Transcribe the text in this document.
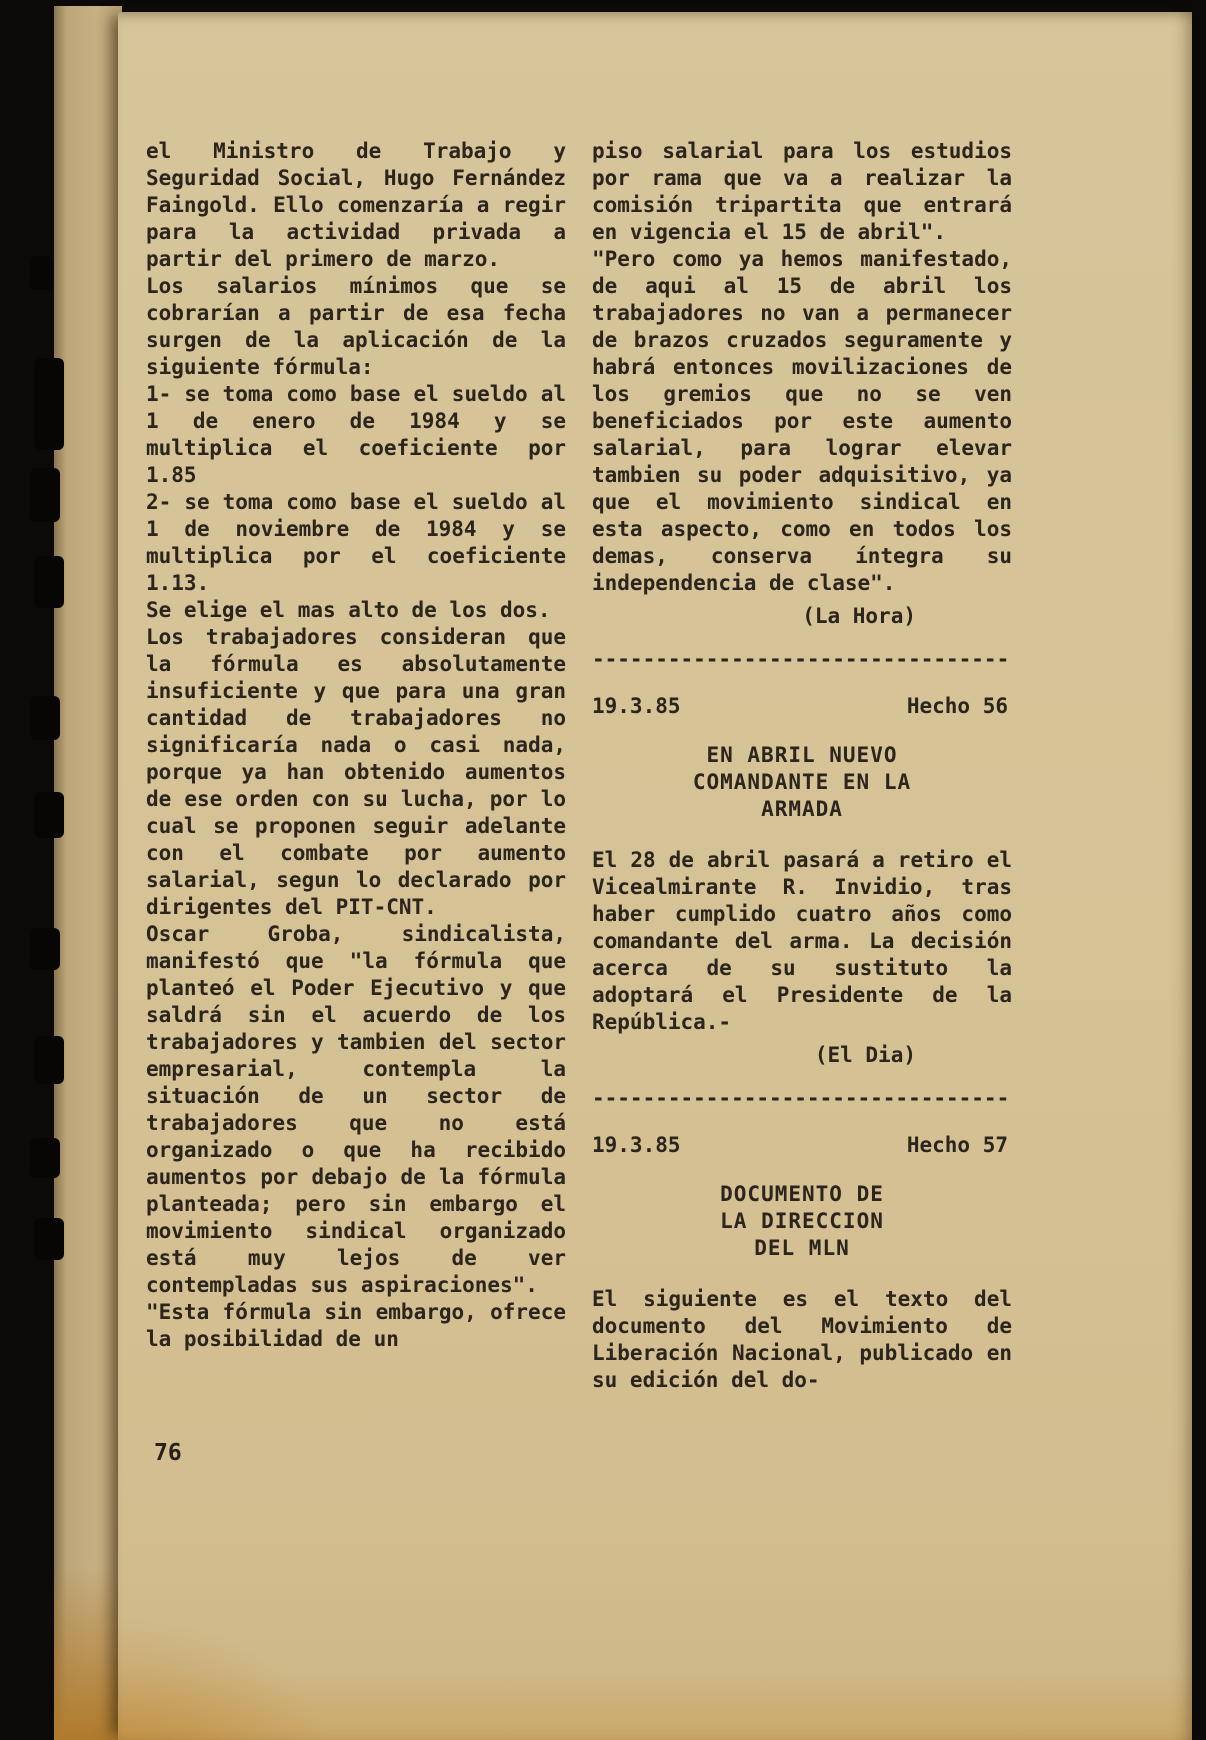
el Ministro de Trabajo y Seguridad Social, Hugo Fernández Faingold. Ello comenzaría a regir para la actividad privada a partir del primero de marzo.

Los salarios mínimos que se cobrarían a partir de esa fecha surgen de la aplicación de la siguiente fórmula:

1- se toma como base el sueldo al 1 de enero de 1984 y se multiplica el coeficiente por 1.85

2- se toma como base el sueldo al 1 de noviembre de 1984 y se multiplica por el coeficiente 1.13.

Se elige el mas alto de los dos.

Los trabajadores consideran que la fórmula es absolutamente insuficiente y que para una gran cantidad de trabajadores no significaría nada o casi nada, porque ya han obtenido aumentos de ese orden con su lucha, por lo cual se proponen seguir adelante con el combate por aumento salarial, segun lo declarado por dirigentes del PIT-CNT.

Oscar Groba, sindicalista, manifestó que "la fórmula que planteó el Poder Ejecutivo y que saldrá sin el acuerdo de los trabajadores y tambien del sector empresarial, contempla la situación de un sector de trabajadores que no está organizado o que ha recibido aumentos por debajo de la fórmula planteada; pero sin embargo el movimiento sindical organizado está muy lejos de ver contempladas sus aspiraciones".

"Esta fórmula sin embargo, ofrece la posibilidad de un

piso salarial para los estudios por rama que va a realizar la comisión tripartita que entrará en vigencia el 15 de abril".

"Pero como ya hemos manifestado, de aqui al 15 de abril los trabajadores no van a permanecer de brazos cruzados seguramente y habrá entonces movilizaciones de los gremios que no se ven beneficiados por este aumento salarial, para lograr elevar tambien su poder adquisitivo, ya que el movimiento sindical en esta aspecto, como en todos los demas, conserva íntegra su independencia de clase".

(La Hora)
---------------------------------
19.3.85	Hecho 56
EN ABRIL NUEVO
COMANDANTE EN LA
ARMADA

El 28 de abril pasará a retiro el Vicealmirante R. Invidio, tras haber cumplido cuatro años como comandante del arma. La decisión acerca de su sustituto la adoptará el Presidente de la República.-

(El Dia)
---------------------------------
19.3.85	Hecho 57
DOCUMENTO DE
LA DIRECCION
DEL MLN

El siguiente es el texto del documento del Movimiento de Liberación Nacional, publicado en su edición del do-

76
